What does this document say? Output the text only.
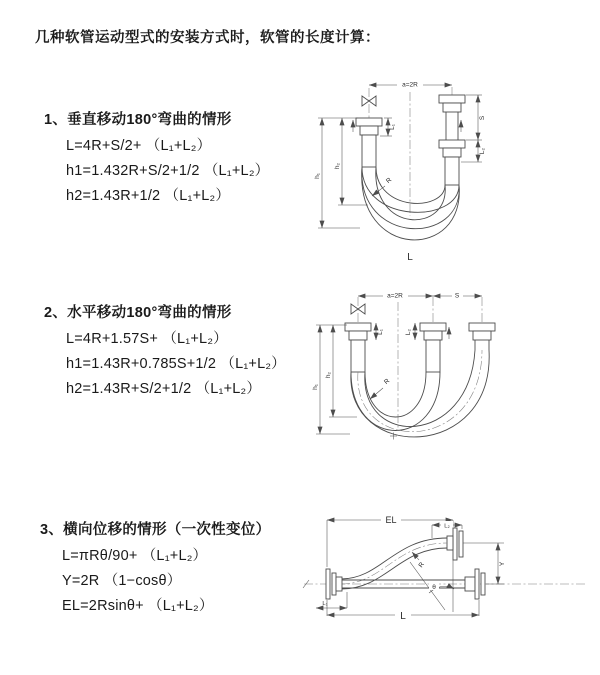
几种软管运动型式的安装方式时，软管的长度计算：
1、垂直移动180°弯曲的情形
L=4R+S/2+ （L₁+L₂）
h1=1.432R+S/2+1/2 （L₁+L₂）
h2=1.43R+1/2 （L₁+L₂）
a=2R
h₁
h₂
L₁
S
L₂
R
L
2、水平移动180°弯曲的情形
L=4R+1.57S+ （L₁+L₂）
h1=1.43R+0.785S+1/2 （L₁+L₂）
h2=1.43R+S/2+1/2 （L₁+L₂）
a=2R	S
L₁	L₂
h₁
h₂
R
3、横向位移的情形（一次性变位）
L=πRθ/90+ （L₁+L₂）
Y=2R （1−cosθ）
EL=2Rsinθ+ （L₁+L₂）
EL
L₂
Y
θ
R
L₁
L
